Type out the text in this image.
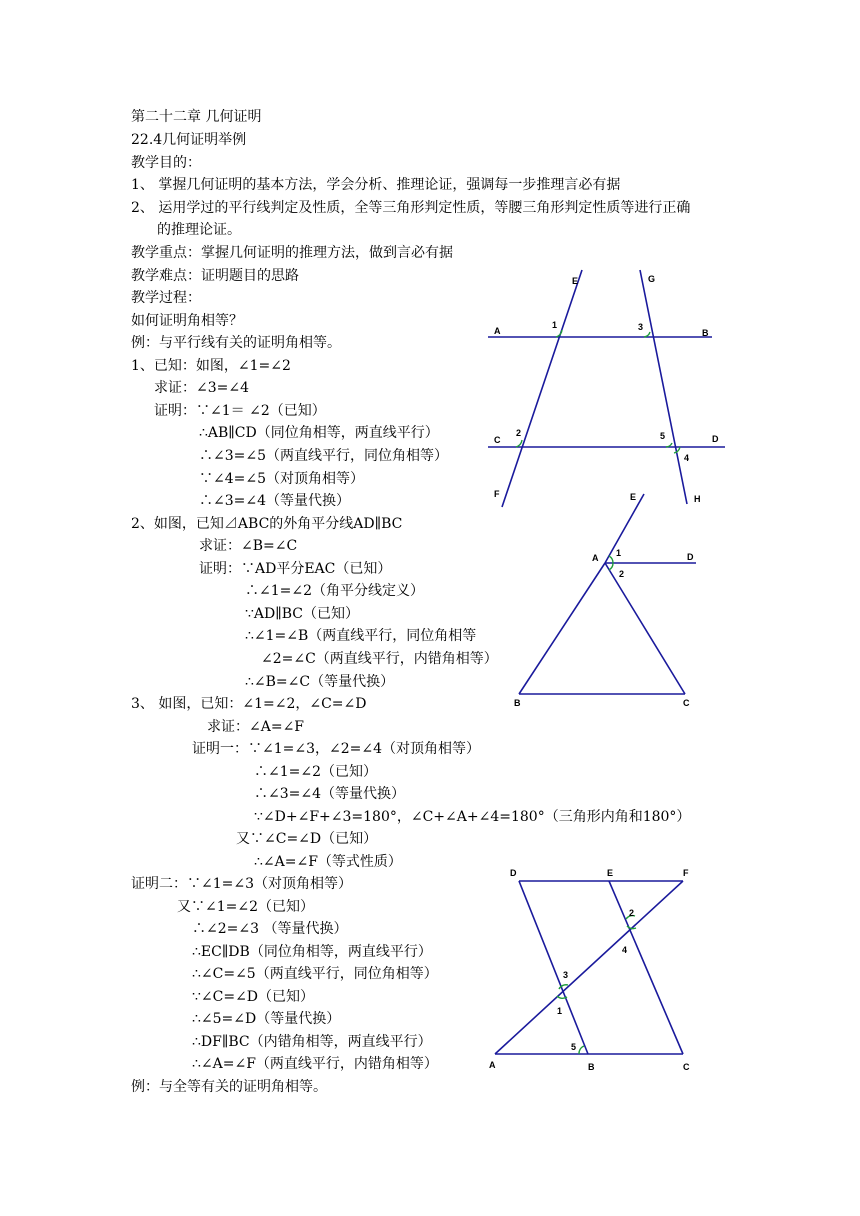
第二十二章 几何证明
22.4几何证明举例
教学目的：
1、 掌握几何证明的基本方法，学会分析、推理论证，强调每一步推理言必有据
2、 运用学过的平行线判定及性质，全等三角形判定性质，等腰三角形判定性质等进行正确
的推理论证。
教学重点：掌握几何证明的推理方法，做到言必有据
教学难点：证明题目的思路
教学过程：
如何证明角相等？
例：与平行线有关的证明角相等。
1、已知：如图，∠1=∠2
求证：∠3=∠4
证明：∵∠1＝ ∠2（已知）
∴AB∥CD（同位角相等，两直线平行）
∴∠3=∠5（两直线平行，同位角相等）
∵∠4=∠5（对顶角相等）
∴∠3=∠4（等量代换）
2、如图，已知⊿ABC的外角平分线AD∥BC
求证：∠B=∠C
证明：∵AD平分EAC（已知）
∴∠1=∠2（角平分线定义）
∵AD∥BC（已知）
∴∠1=∠B（两直线平行，同位角相等
∠2=∠C（两直线平行，内错角相等）
∴∠B=∠C（等量代换）
3、 如图，已知：∠1=∠2，∠C=∠D
求证：∠A=∠F
证明一：∵∠1=∠3，∠2=∠4（对顶角相等）
∴∠1=∠2（已知）
∴∠3=∠4（等量代换）
∵∠D+∠F+∠3=180°，∠C+∠A+∠4=180°（三角形内角和180°）
又∵∠C=∠D（已知）
∴∠A=∠F（等式性质）
证明二：∵∠1=∠3（对顶角相等）
又∵∠1=∠2（已知）
∴∠2=∠3 （等量代换）
∴EC∥DB（同位角相等，两直线平行）
∴∠C=∠5（两直线平行，同位角相等）
∵∠C=∠D（已知）
∴∠5=∠D（等量代换）
∴DF∥BC（内错角相等，两直线平行）
∴∠A=∠F（两直线平行，内错角相等）
例：与全等有关的证明角相等。
E	G
A	B
1	3
C
2	5	D
4
F	H
E
A 1	D
2
B	C
D	E	F
2
4
3
1
5
A	B	C
